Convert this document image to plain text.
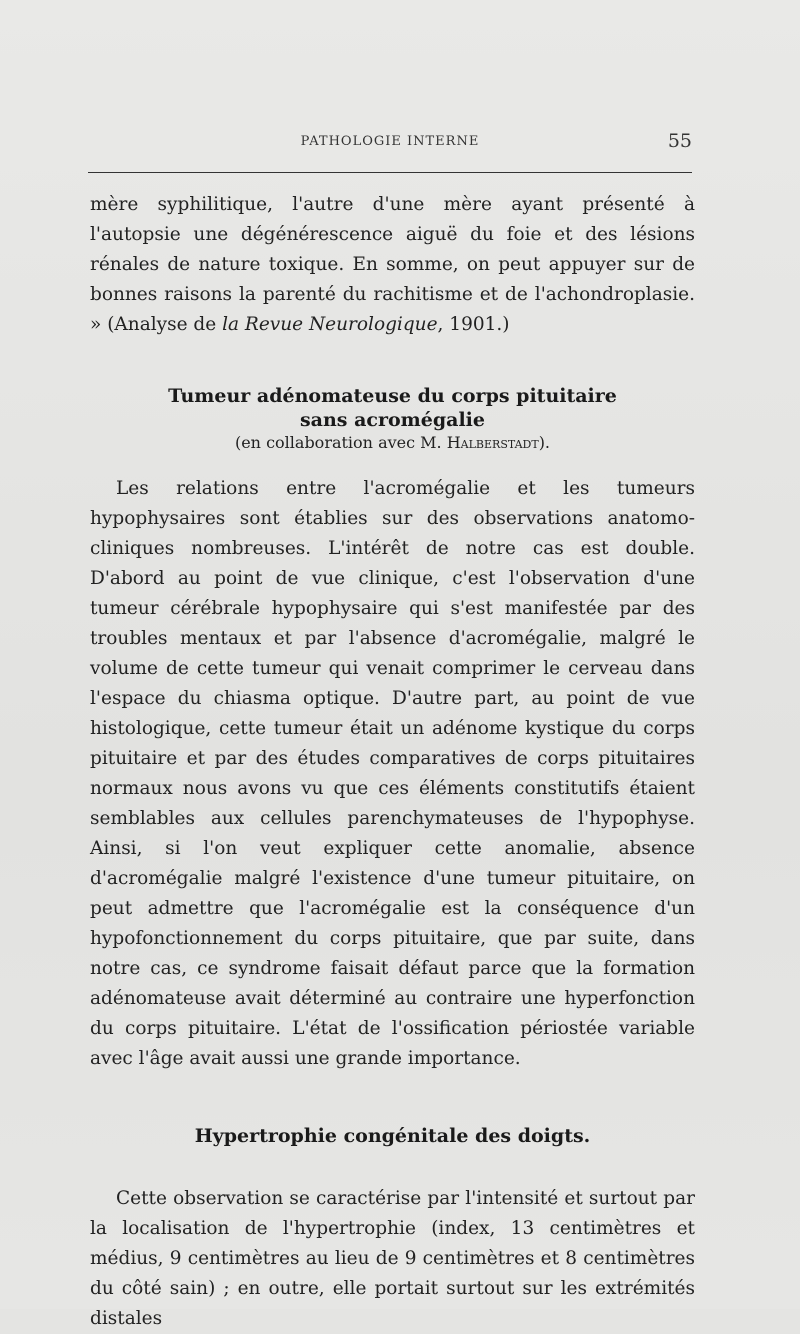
PATHOLOGIE INTERNE	55

mère syphilitique, l'autre d'une mère ayant présenté à l'autopsie une dégénérescence aiguë du foie et des lésions rénales de nature toxique. En somme, on peut appuyer sur de bonnes raisons la parenté du rachitisme et de l'achondroplasie. » (Analyse de la Revue Neurologique, 1901.)

Tumeur adénomateuse du corps pituitaire
sans acromégalie
(en collaboration avec M. Halberstadt).

Les relations entre l'acromégalie et les tumeurs hypophysaires sont établies sur des observations anatomo-cliniques nombreuses. L'intérêt de notre cas est double. D'abord au point de vue clinique, c'est l'observation d'une tumeur cérébrale hypophysaire qui s'est manifestée par des troubles mentaux et par l'absence d'acromégalie, malgré le volume de cette tumeur qui venait comprimer le cerveau dans l'espace du chiasma optique. D'autre part, au point de vue histologique, cette tumeur était un adénome kystique du corps pituitaire et par des études comparatives de corps pituitaires normaux nous avons vu que ces éléments constitutifs étaient semblables aux cellules parenchymateuses de l'hypophyse. Ainsi, si l'on veut expliquer cette anomalie, absence d'acromégalie malgré l'existence d'une tumeur pituitaire, on peut admettre que l'acromégalie est la conséquence d'un hypofonctionnement du corps pituitaire, que par suite, dans notre cas, ce syndrome faisait défaut parce que la formation adénomateuse avait déterminé au contraire une hyperfonction du corps pituitaire. L'état de l'ossification périostée variable avec l'âge avait aussi une grande importance.

Hypertrophie congénitale des doigts.

Cette observation se caractérise par l'intensité et surtout par la localisation de l'hypertrophie (index, 13 centimètres et médius, 9 centimètres au lieu de 9 centimètres et 8 centimètres du côté sain) ; en outre, elle portait surtout sur les extrémités distales
